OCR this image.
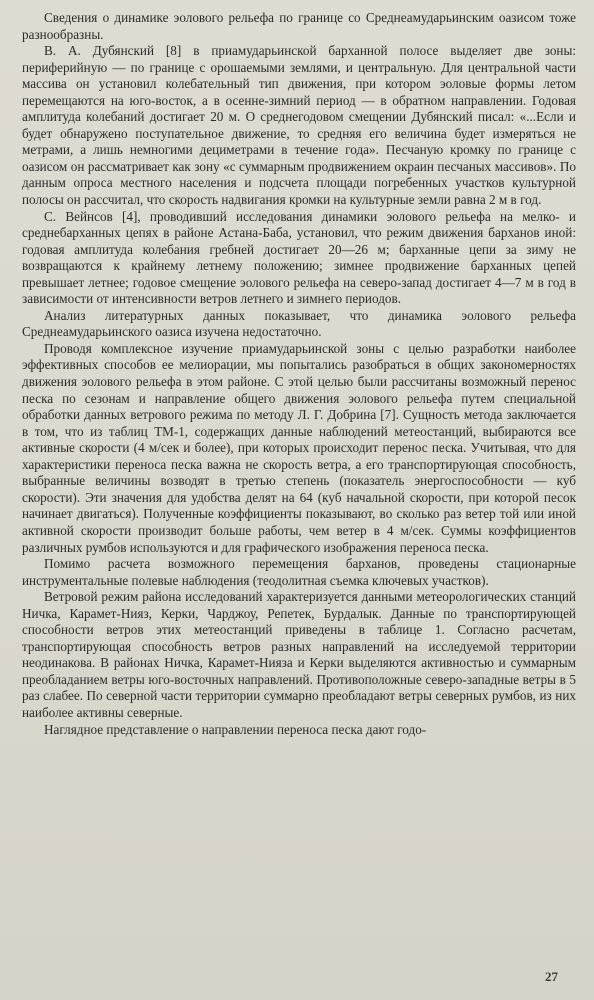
Сведения о динамике эолового рельефа по границе со Среднеамударьинским оазисом тоже разнообразны.

В. А. Дубянский [8] в приамударьинской барханной полосе выделяет две зоны: периферийную — по границе с орошаемыми землями, и центральную. Для центральной части массива он установил колебательный тип движения, при котором эоловые формы летом перемещаются на юго-восток, а в осенне-зимний период — в обратном направлении. Годовая амплитуда колебаний достигает 20 м. О среднегодовом смещении Дубянский писал: «...Если и будет обнаружено поступательное движение, то средняя его величина будет измеряться не метрами, а лишь немногими дециметрами в течение года». Песчаную кромку по границе с оазисом он рассматривает как зону «с суммарным продвижением окраин песчаных массивов». По данным опроса местного населения и подсчета площади погребенных участков культурной полосы он рассчитал, что скорость надвигания кромки на культурные земли равна 2 м в год.

С. Вейнсов [4], проводивший исследования динамики эолового рельефа на мелко- и среднебарханных цепях в районе Астана-Баба, установил, что режим движения барханов иной: годовая амплитуда колебания гребней достигает 20—26 м; барханные цепи за зиму не возвращаются к крайнему летнему положению; зимнее продвижение барханных цепей превышает летнее; годовое смещение эолового рельефа на северо-запад достигает 4—7 м в год в зависимости от интенсивности ветров летнего и зимнего периодов.

Анализ литературных данных показывает, что динамика эолового рельефа Среднеамударьинского оазиса изучена недостаточно.

Проводя комплексное изучение приамударьинской зоны с целью разработки наиболее эффективных способов ее мелиорации, мы попытались разобраться в общих закономерностях движения эолового рельефа в этом районе. С этой целью были рассчитаны возможный перенос песка по сезонам и направление общего движения эолового рельефа путем специальной обработки данных ветрового режима по методу Л. Г. Добрина [7]. Сущность метода заключается в том, что из таблиц ТМ-1, содержащих данные наблюдений метеостанций, выбираются все активные скорости (4 м/сек и более), при которых происходит перенос песка. Учитывая, что для характеристики переноса песка важна не скорость ветра, а его транспортирующая способность, выбранные величины возводят в третью степень (показатель энергоспособности — куб скорости). Эти значения для удобства делят на 64 (куб начальной скорости, при которой песок начинает двигаться). Полученные коэффициенты показывают, во сколько раз ветер той или иной активной скорости производит больше работы, чем ветер в 4 м/сек. Суммы коэффициентов различных румбов используются и для графического изображения переноса песка.

Помимо расчета возможного перемещения барханов, проведены стационарные инструментальные полевые наблюдения (теодолитная съемка ключевых участков).

Ветровой режим района исследований характеризуется данными метеорологических станций Ничка, Карамет-Нияз, Керки, Чарджоу, Репетек, Бурдалык. Данные по транспортирующей способности ветров этих метеостанций приведены в таблице 1. Согласно расчетам, транспортирующая способность ветров разных направлений на исследуемой территории неодинакова. В районах Ничка, Карамет-Нияза и Керки выделяются активностью и суммарным преобладанием ветры юго-восточных направлений. Противоположные северо-западные ветры в 5 раз слабее. По северной части территории суммарно преобладают ветры северных румбов, из них наиболее активны северные.

Наглядное представление о направлении переноса песка дают годо-

27
